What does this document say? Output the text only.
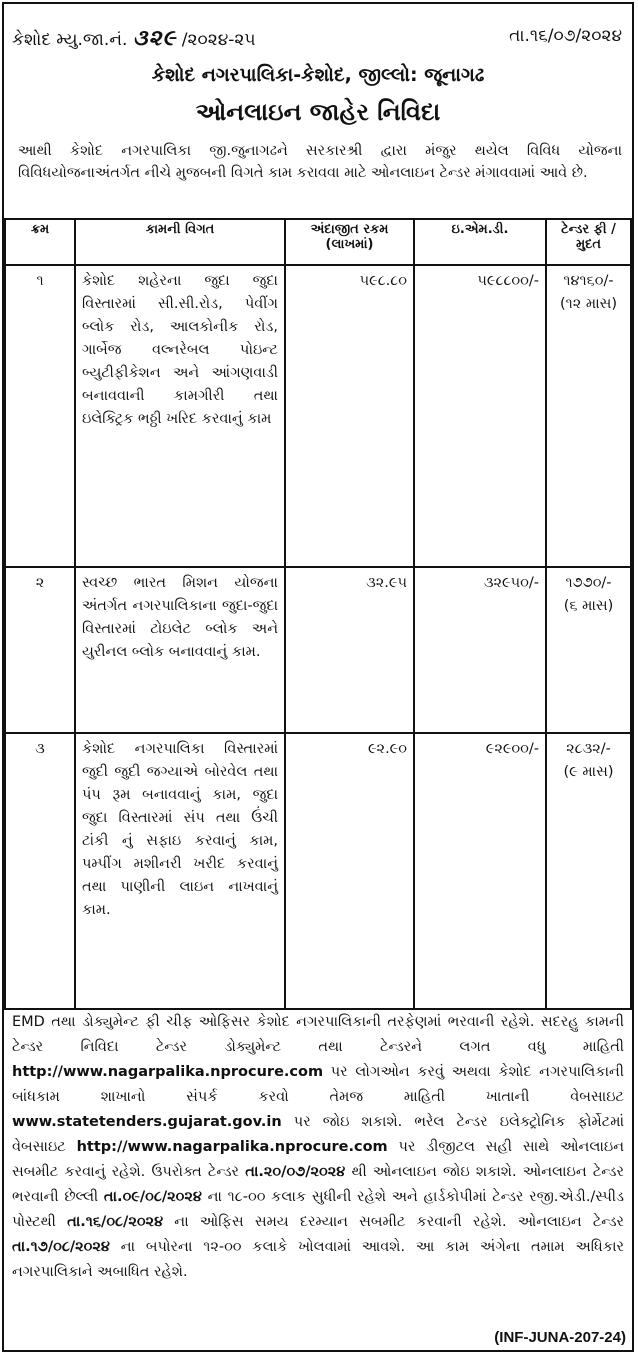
કેશોદ મ્યુ.જા.નં. ૩૨૯ /૨૦૨૪-૨૫	તા.૧૬/૦૭/૨૦૨૪
કેશોદ નગરપાલિકા-કેશોદ, જીલ્લો: જૂનાગઢ
ઓનલાઇન જાહેર નિવિદા
આથી કેશોદ નગરપાલિકા જી.જુનાગઢને સરકારશ્રી દ્વારા મંજુર થયેલ વિવિધ યોજના વિવિધયોજનાઅંતર્ગત નીચે મુજબની વિગતે કામ કરાવવા માટે ઓનલાઇન ટેન્ડર મંગાવવામાં આવે છે.
ક્રમ	કામની વિગત	અંદાજીત રકમ (લાખમાં)	ઇ.એમ.ડી.	ટેન્ડર ફી / મુદત
૧	કેશોદ શહેરના જુદા જુદા વિસ્તારમાં સી.સી.રોડ, પેવીંગ બ્લોક રોડ, આલકોનીક રોડ, ગાર્બેજ વલ્નરેબલ પોઇન્ટ બ્યુટીફીકેશન અને આંગણવાડી બનાવવાની કામગીરી તથા ઇલેક્ટ્રિક ભઠ્ઠી ખરિદ કરવાનું કામ	૫૯૮.૮૦	૫૯૮૮૦૦/-	૧૪૧૬૦/-
(૧૨ માસ)

૨	સ્વચ્છ ભારત મિશન યોજના અંતર્ગત નગરપાલિકાના જુદા-જુદા વિસ્તારમાં ટોઇલેટ બ્લોક અને યુરીનલ બ્લોક બનાવવાનું કામ.	૩૨.૯૫	૩૨૯૫૦/-	૧૭૭૦/-
(૬ માસ)

૩	કેશોદ નગરપાલિકા વિસ્તારમાં જુદી જુદી જગ્યાએ બોરવેલ તથા પંપ રૂમ બનાવવાનું કામ, જુદા જુદા વિસ્તારમાં સંપ તથા ઉંચી ટાંકી નું સફાઇ કરવાનું કામ, પમ્પીંગ મશીનરી ખરીદ કરવાનું તથા પાણીની લાઇન નાખવાનું કામ.	૯૨.૯૦	૯૨૯૦૦/-	૨૮૩૨/-
(૯ માસ)
EMD તથા ડોક્યુમેન્ટ ફી ચીફ ઓફિસર કેશોદ નગરપાલિકાની તરફેણમાં ભરવાની રહેશે. સદરહુ કામની ટેન્ડર નિવિદા ટેન્ડર ડોક્યુમેન્ટ તથા ટેન્ડરને લગત વધુ માહિતી http://www.nagarpalika.nprocure.com પર લોગઓન કરવું અથવા કેશોદ નગરપાલિકાની બાંધકામ શાખાનો સંપર્ક કરવો તેમજ માહિતી ખાતાની વેબસાઇટ www.statetenders.gujarat.gov.in પર જોઇ શકાશે. ભરેલ ટેન્ડર ઇલેક્ટ્રોનિક ફોર્મેટમાં વેબસાઇટ http://www.nagarpalika.nprocure.com પર ડીજીટલ સહી સાથે ઓનલાઇન સબમીટ કરવાનું રહેશે. ઉપરોક્ત ટેન્ડર તા.૨૦/૦૭/૨૦૨૪ થી ઓનલાઇન જોઇ શકાશે. ઓનલાઇન ટેન્ડર ભરવાની છેલ્લી તા.૦૯/૦૮/૨૦૨૪ ના ૧૮-૦૦ કલાક સુધીની રહેશે અને હાર્ડકોપીમાં ટેન્ડર રજી.એડી./સ્પીડ પોસ્ટથી તા.૧૬/૦૮/૨૦૨૪ ના ઓફિસ સમય દરમ્યાન સબમીટ કરવાની રહેશે. ઓનલાઇન ટેન્ડર તા.૧૭/૦૮/૨૦૨૪ ના બપોરના ૧૨-૦૦ કલાકે ખોલવામાં આવશે. આ કામ અંગેના તમામ અધિકાર નગરપાલિકાને અબાધિત રહેશે.
(INF-JUNA-207-24)
